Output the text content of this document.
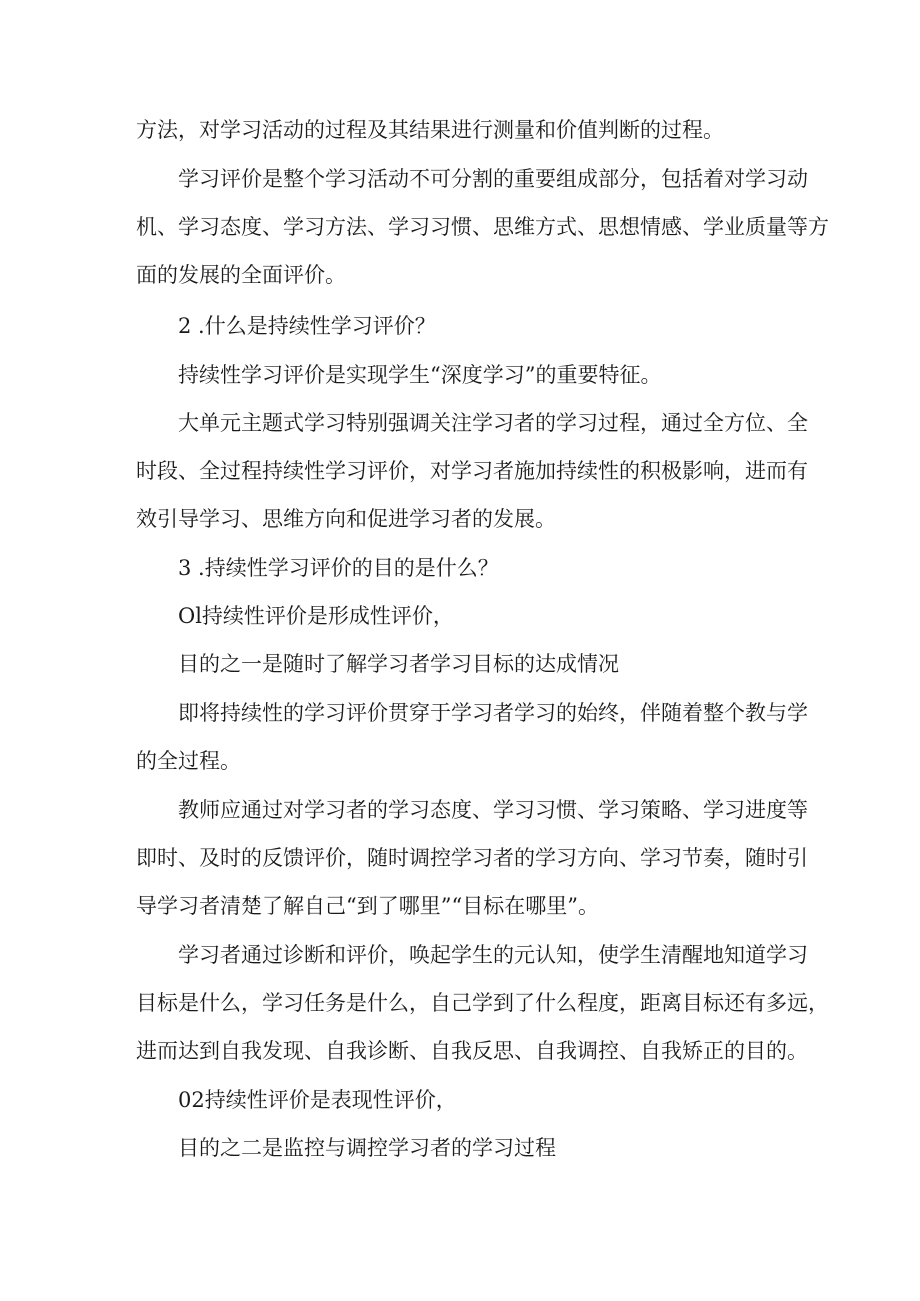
方法，对学习活动的过程及其结果进行测量和价值判断的过程。

学习评价是整个学习活动不可分割的重要组成部分，包括着对学习动
机、学习态度、学习方法、学习习惯、思维方式、思想情感、学业质量等方
面的发展的全面评价。

2 .什么是持续性学习评价？

持续性学习评价是实现学生“深度学习”的重要特征。

大单元主题式学习特别强调关注学习者的学习过程，通过全方位、全
时段、全过程持续性学习评价，对学习者施加持续性的积极影响，进而有
效引导学习、思维方向和促进学习者的发展。

3 .持续性学习评价的目的是什么？

Ol持续性评价是形成性评价，

目的之一是随时了解学习者学习目标的达成情况

即将持续性的学习评价贯穿于学习者学习的始终，伴随着整个教与学
的全过程。

教师应通过对学习者的学习态度、学习习惯、学习策略、学习进度等
即时、及时的反馈评价，随时调控学习者的学习方向、学习节奏，随时引
导学习者清楚了解自己“到了哪里”“目标在哪里”。

学习者通过诊断和评价，唤起学生的元认知，使学生清醒地知道学习
目标是什么，学习任务是什么，自己学到了什么程度，距离目标还有多远，
进而达到自我发现、自我诊断、自我反思、自我调控、自我矫正的目的。

02持续性评价是表现性评价，

目的之二是监控与调控学习者的学习过程
